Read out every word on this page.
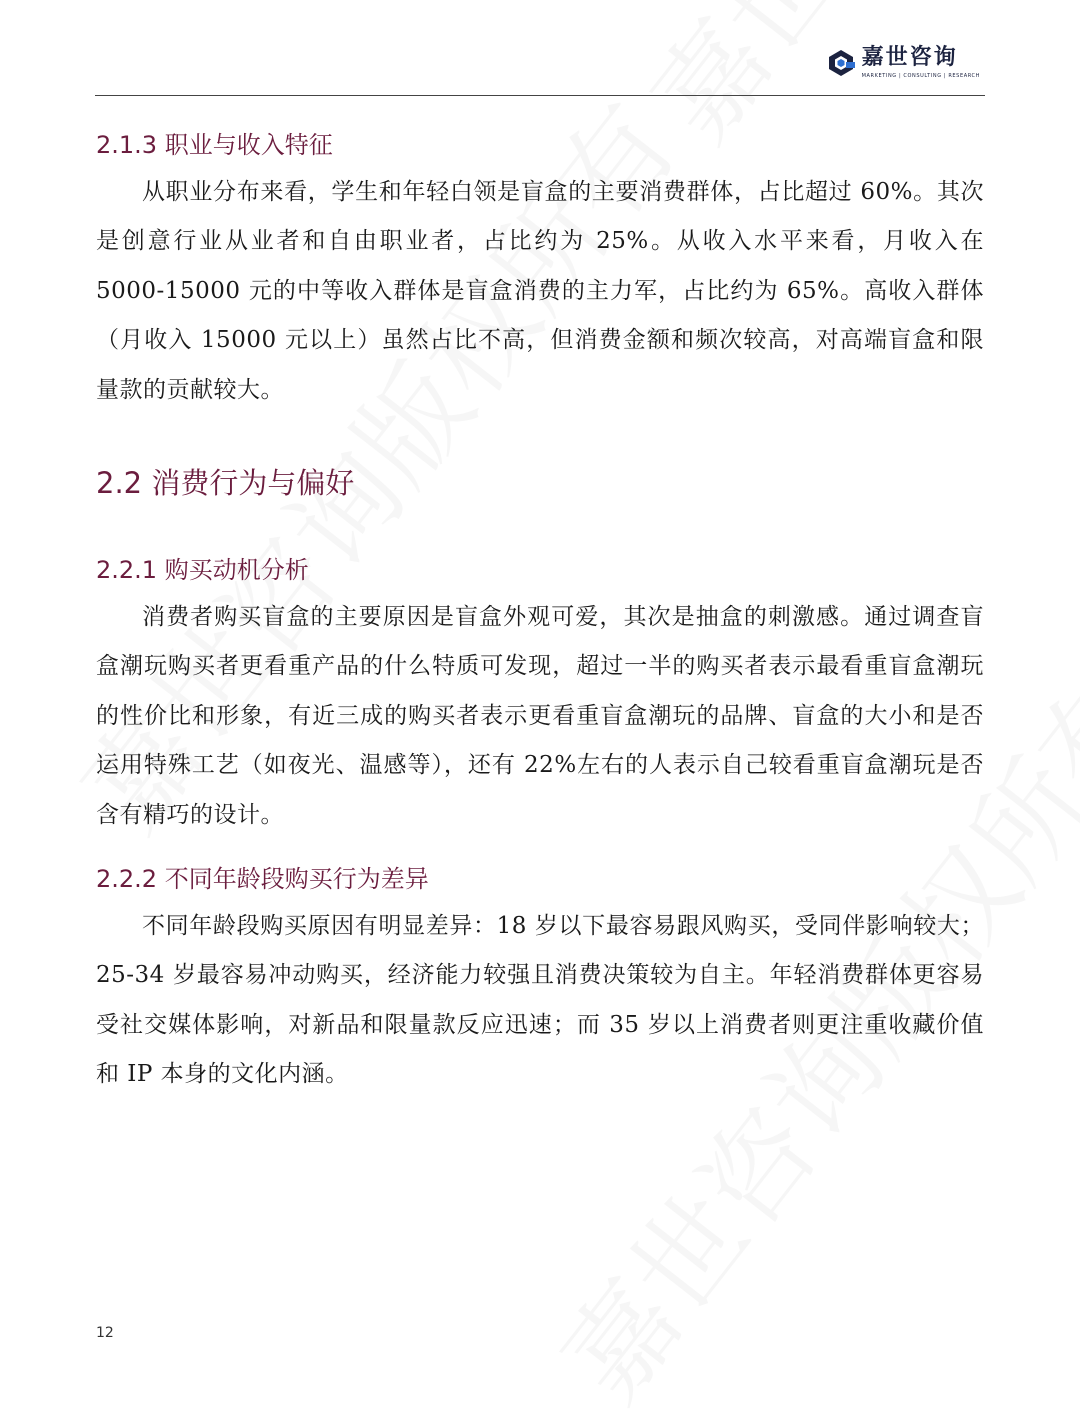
嘉世咨询
MARKETING | CONSULTING | RESEARCH
2.1.3 职业与收入特征

从职业分布来看，学生和年轻白领是盲盒的主要消费群体，占比超过 60%。其次是创意行业从业者和自由职业者，占比约为 25%。从收入水平来看，月收入在 5000-15000 元的中等收入群体是盲盒消费的主力军，占比约为 65%。高收入群体（月收入 15000 元以上）虽然占比不高，但消费金额和频次较高，对高端盲盒和限量款的贡献较大。

2.2 消费行为与偏好
2.2.1 购买动机分析

消费者购买盲盒的主要原因是盲盒外观可爱，其次是抽盒的刺激感。通过调查盲盒潮玩购买者更看重产品的什么特质可发现，超过一半的购买者表示最看重盲盒潮玩的性价比和形象，有近三成的购买者表示更看重盲盒潮玩的品牌、盲盒的大小和是否运用特殊工艺（如夜光、温感等），还有 22%左右的人表示自己较看重盲盒潮玩是否含有精巧的设计。

2.2.2 不同年龄段购买行为差异

不同年龄段购买原因有明显差异：18 岁以下最容易跟风购买，受同伴影响较大；25-34 岁最容易冲动购买，经济能力较强且消费决策较为自主。年轻消费群体更容易受社交媒体影响，对新品和限量款反应迅速；而 35 岁以上消费者则更注重收藏价值和 IP 本身的文化内涵。

12
